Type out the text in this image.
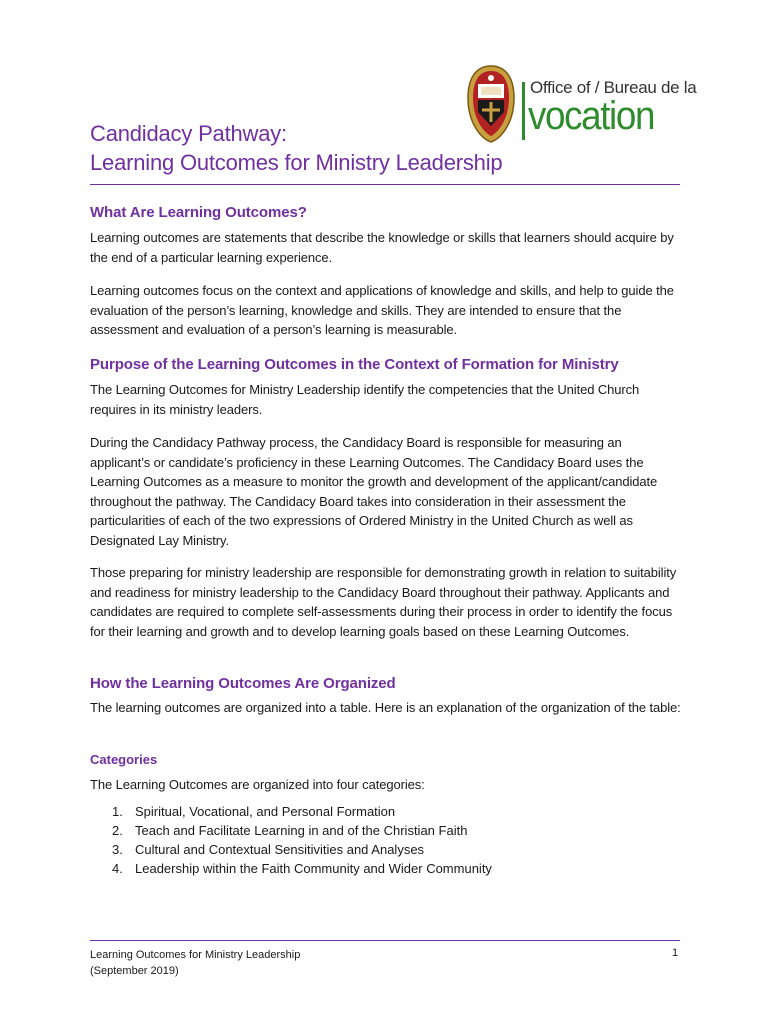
Office of / Bureau de la
vocation
Candidacy Pathway:
Learning Outcomes for Ministry Leadership
What Are Learning Outcomes?
Learning outcomes are statements that describe the knowledge or skills that learners should acquire by the end of a particular learning experience.
Learning outcomes focus on the context and applications of knowledge and skills, and help to guide the evaluation of the person’s learning, knowledge and skills. They are intended to ensure that the assessment and evaluation of a person’s learning is measurable.
Purpose of the Learning Outcomes in the Context of Formation for Ministry
The Learning Outcomes for Ministry Leadership identify the competencies that the United Church requires in its ministry leaders.
During the Candidacy Pathway process, the Candidacy Board is responsible for measuring an applicant’s or candidate’s proficiency in these Learning Outcomes. The Candidacy Board uses the Learning Outcomes as a measure to monitor the growth and development of the applicant/candidate throughout the pathway. The Candidacy Board takes into consideration in their assessment the particularities of each of the two expressions of Ordered Ministry in the United Church as well as Designated Lay Ministry.
Those preparing for ministry leadership are responsible for demonstrating growth in relation to suitability and readiness for ministry leadership to the Candidacy Board throughout their pathway. Applicants and candidates are required to complete self-assessments during their process in order to identify the focus for their learning and growth and to develop learning goals based on these Learning Outcomes.
How the Learning Outcomes Are Organized
The learning outcomes are organized into a table. Here is an explanation of the organization of the table:
Categories
The Learning Outcomes are organized into four categories:
1. Spiritual, Vocational, and Personal Formation
2. Teach and Facilitate Learning in and of the Christian Faith
3. Cultural and Contextual Sensitivities and Analyses
4. Leadership within the Faith Community and Wider Community
Learning Outcomes for Ministry Leadership
(September 2019)
1
